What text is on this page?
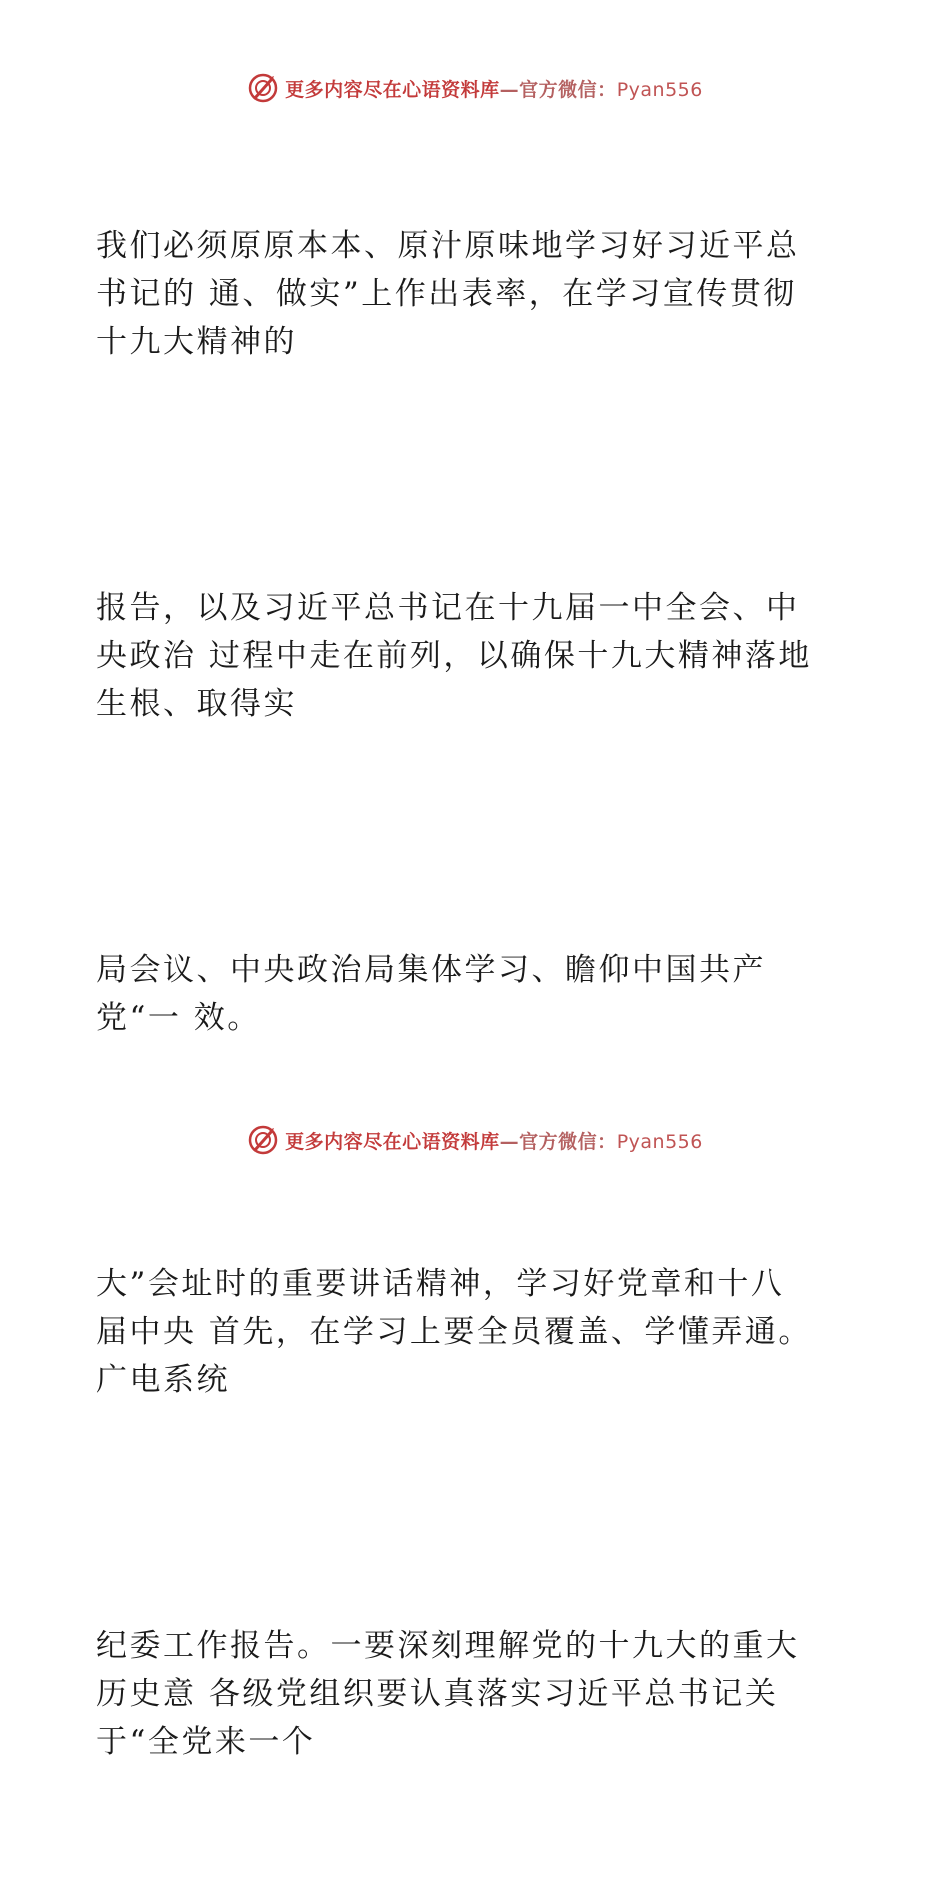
更多内容尽在心语资料库—官方微信：Pyan556

我们必须原原本本、原汁原味地学习好习近平总
书记的 通、做实”上作出表率，在学习宣传贯彻
十九大精神的

报告，以及习近平总书记在十九届一中全会、中
央政治 过程中走在前列，以确保十九大精神落地
生根、取得实

局会议、中央政治局集体学习、瞻仰中国共产
党“一 效。

大”会址时的重要讲话精神，学习好党章和十八
届中央 首先，在学习上要全员覆盖、学懂弄通。
广电系统

纪委工作报告。一要深刻理解党的十九大的重大
历史意 各级党组织要认真落实习近平总书记关
于“全党来一个

更多内容尽在心语资料库—官方微信：Pyan556
